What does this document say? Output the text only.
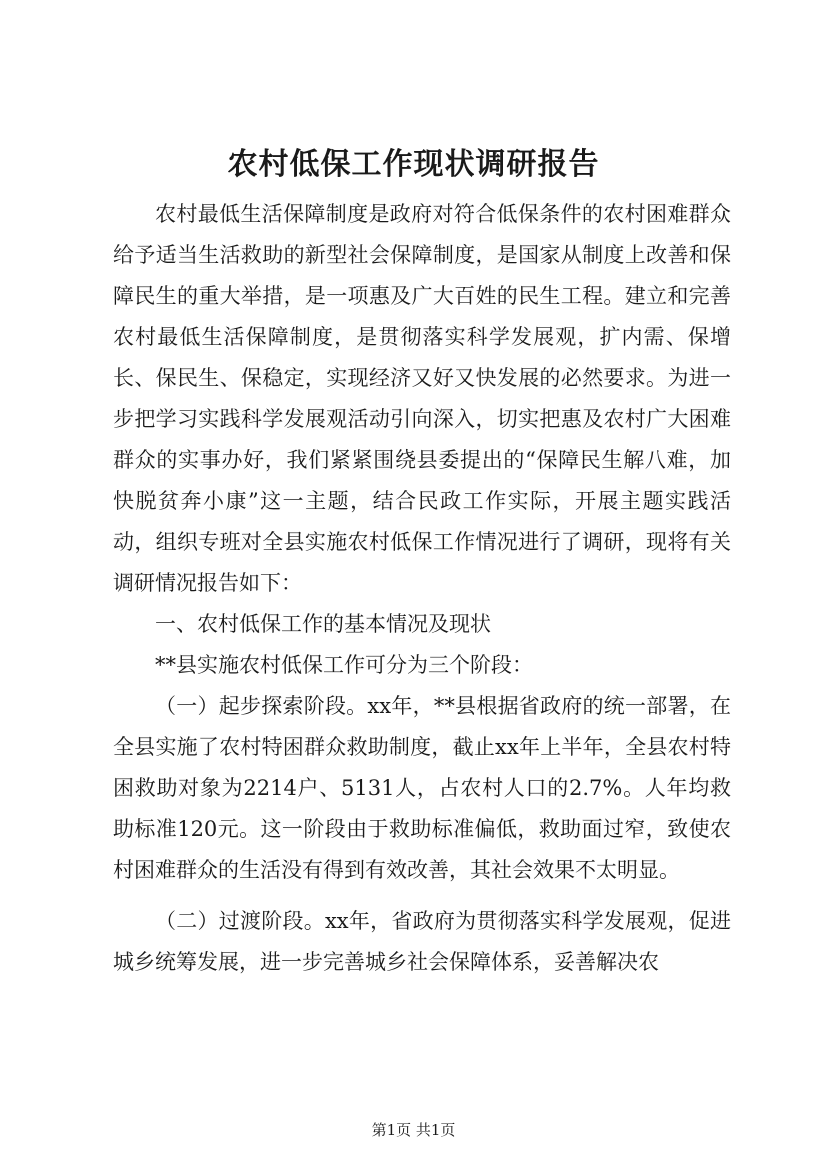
农村低保工作现状调研报告

农村最低生活保障制度是政府对符合低保条件的农村困难群众给予适当生活救助的新型社会保障制度，是国家从制度上改善和保障民生的重大举措，是一项惠及广大百姓的民生工程。建立和完善农村最低生活保障制度，是贯彻落实科学发展观，扩内需、保增长、保民生、保稳定，实现经济又好又快发展的必然要求。为进一步把学习实践科学发展观活动引向深入，切实把惠及农村广大困难群众的实事办好，我们紧紧围绕县委提出的“保障民生解八难，加快脱贫奔小康”这一主题，结合民政工作实际，开展主题实践活动，组织专班对全县实施农村低保工作情况进行了调研，现将有关调研情况报告如下：

一、农村低保工作的基本情况及现状

**县实施农村低保工作可分为三个阶段：

（一）起步探索阶段。xx年，**县根据省政府的统一部署，在全县实施了农村特困群众救助制度，截止xx年上半年，全县农村特困救助对象为2214户、5131人，占农村人口的2.7%。人年均救助标准120元。这一阶段由于救助标准偏低，救助面过窄，致使农村困难群众的生活没有得到有效改善，其社会效果不太明显。

（二）过渡阶段。xx年，省政府为贯彻落实科学发展观，促进城乡统筹发展，进一步完善城乡社会保障体系，妥善解决农

第1页 共1页
